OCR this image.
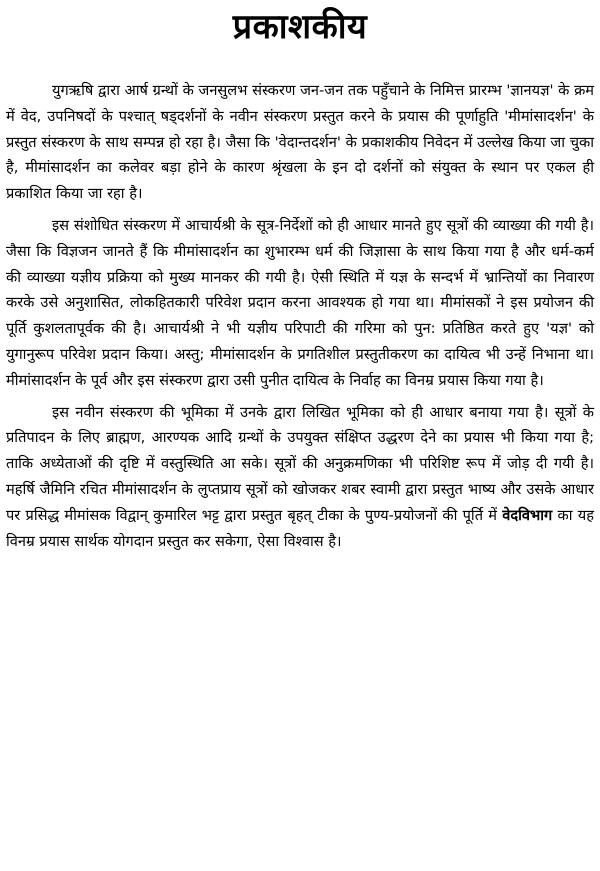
प्रकाशकीय

युगऋषि द्वारा आर्ष ग्रन्थों के जनसुलभ संस्करण जन-जन तक पहुँचाने के निमित्त प्रारम्भ 'ज्ञानयज्ञ' के क्रम में वेद, उपनिषदों के पश्चात् षड्दर्शनों के नवीन संस्करण प्रस्तुत करने के प्रयास की पूर्णाहुति 'मीमांसादर्शन' के प्रस्तुत संस्करण के साथ सम्पन्न हो रहा है। जैसा कि 'वेदान्तदर्शन' के प्रकाशकीय निवेदन में उल्लेख किया जा चुका है, मीमांसादर्शन का कलेवर बड़ा होने के कारण श्रृंखला के इन दो दर्शनों को संयुक्त के स्थान पर एकल ही प्रकाशित किया जा रहा है।

इस संशोधित संस्करण में आचार्यश्री के सूत्र-निर्देशों को ही आधार मानते हुए सूत्रों की व्याख्या की गयी है। जैसा कि विज्ञजन जानते हैं कि मीमांसादर्शन का शुभारम्भ धर्म की जिज्ञासा के साथ किया गया है और धर्म-कर्म की व्याख्या यज्ञीय प्रक्रिया को मुख्य मानकर की गयी है। ऐसी स्थिति में यज्ञ के सन्दर्भ में भ्रान्तियों का निवारण करके उसे अनुशासित, लोकहितकारी परिवेश प्रदान करना आवश्यक हो गया था। मीमांसकों ने इस प्रयोजन की पूर्ति कुशलतापूर्वक की है। आचार्यश्री ने भी यज्ञीय परिपाटी की गरिमा को पुन: प्रतिष्ठित करते हुए 'यज्ञ' को युगानुरूप परिवेश प्रदान किया। अस्तु; मीमांसादर्शन के प्रगतिशील प्रस्तुतीकरण का दायित्व भी उन्हें निभाना था। मीमांसादर्शन के पूर्व और इस संस्करण द्वारा उसी पुनीत दायित्व के निर्वाह का विनम्र प्रयास किया गया है।

इस नवीन संस्करण की भूमिका में उनके द्वारा लिखित भूमिका को ही आधार बनाया गया है। सूत्रों के प्रतिपादन के लिए ब्राह्मण, आरण्यक आदि ग्रन्थों के उपयुक्त संक्षिप्त उद्धरण देने का प्रयास भी किया गया है; ताकि अध्येताओं की दृष्टि में वस्तुस्थिति आ सके। सूत्रों की अनुक्रमणिका भी परिशिष्ट रूप में जोड़ दी गयी है। महर्षि जैमिनि रचित मीमांसादर्शन के लुप्तप्राय सूत्रों को खोजकर शबर स्वामी द्वारा प्रस्तुत भाष्य और उसके आधार पर प्रसिद्ध मीमांसक विद्वान् कुमारिल भट्ट द्वारा प्रस्तुत बृहत् टीका के पुण्य-प्रयोजनों की पूर्ति में वेदविभाग का यह विनम्र प्रयास सार्थक योगदान प्रस्तुत कर सकेगा, ऐसा विश्वास है।
